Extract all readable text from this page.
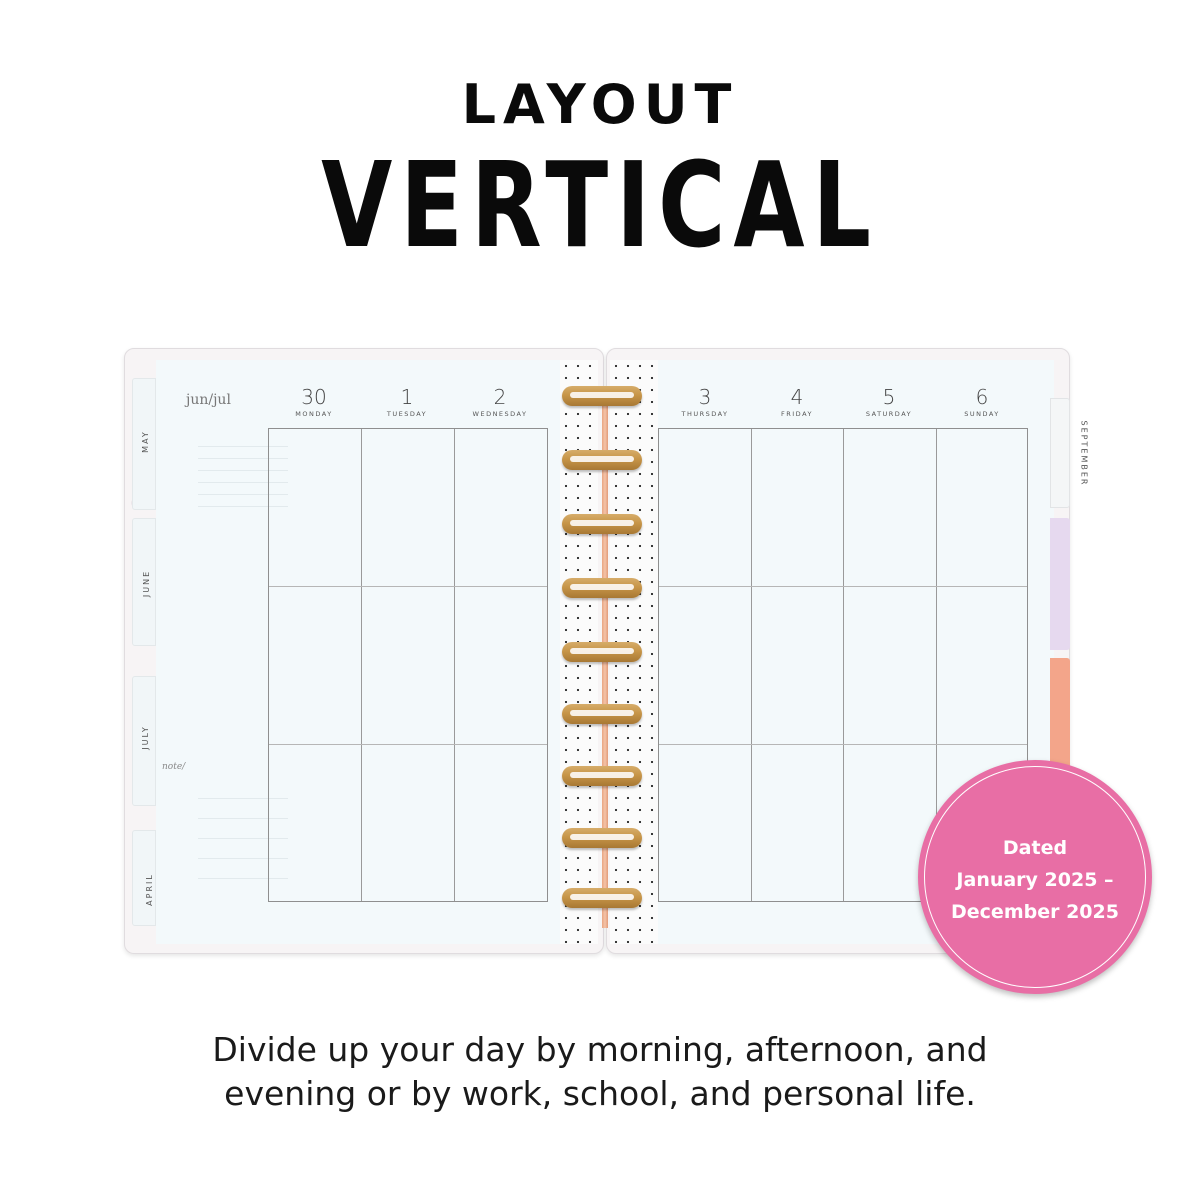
LAYOUT
VERTICAL
MAY
JUNE
JULY
APRIL
jun/jul
note/
30
MONDAY
1
TUESDAY
2
WEDNESDAY
3
THURSDAY
4
FRIDAY
5
SATURDAY
6
SUNDAY
SEPTEMBER
OCTOBER
NOVEMBER
Dated
January 2025 –
December 2025
Divide up your day by morning, afternoon, and
evening or by work, school, and personal life.
